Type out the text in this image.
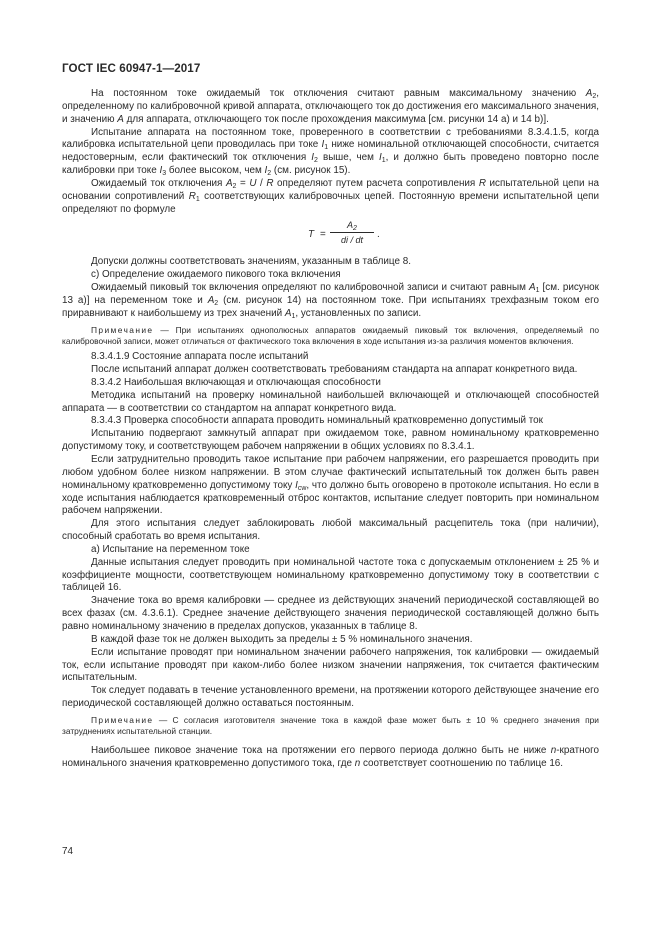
ГОСТ IEC 60947-1—2017

На постоянном токе ожидаемый ток отключения считают равным максимальному значению $A_2$, определенному по калибровочной кривой аппарата, отключающего ток до достижения его максимального значения, и значению A для аппарата, отключающего ток после прохождения максимума [см. рисунки 14 a) и 14 b)].

Испытание аппарата на постоянном токе, проверенного в соответствии с требованиями 8.3.4.1.5, когда калибровка испытательной цепи проводилась при токе $I_1$ ниже номинальной отключающей способности, считается недостоверным, если фактический ток отключения $I_2$ выше, чем $I_1$, и должно быть проведено повторно после калибровки при токе $I_3$ более высоком, чем $I_2$ (см. рисунок 15).

Ожидаемый ток отключения $A_2 = U / R$ определяют путем расчета сопротивления R испытательной цепи на основании сопротивлений $R_1$ соответствующих калибровочных цепей. Постоянную времени испытательной цепи определяют по формуле

T =
$A_2$
di / dt	.

Допуски должны соответствовать значениям, указанным в таблице 8.

с) Определение ожидаемого пикового тока включения

Ожидаемый пиковый ток включения определяют по калибровочной записи и считают равным $A_1$ [см. рисунок 13 a)] на переменном токе и $A_2$ (см. рисунок 14) на постоянном токе. При испытаниях трехфазным током его приравнивают к наибольшему из трех значений $A_1$, установленных по записи.

Примечание — При испытаниях однополюсных аппаратов ожидаемый пиковый ток включения, определяемый по калибровочной записи, может отличаться от фактического тока включения в ходе испытания из-за различия моментов включения.

8.3.4.1.9 Состояние аппарата после испытаний

После испытаний аппарат должен соответствовать требованиям стандарта на аппарат конкретного вида.

8.3.4.2 Наибольшая включающая и отключающая способности

Методика испытаний на проверку номинальной наибольшей включающей и отключающей способностей аппарата — в соответствии со стандартом на аппарат конкретного вида.

8.3.4.3 Проверка способности аппарата проводить номинальный кратковременно допустимый ток

Испытанию подвергают замкнутый аппарат при ожидаемом токе, равном номинальному кратковременно допустимому току, и соответствующем рабочем напряжении в общих условиях по 8.3.4.1.

Если затруднительно проводить такое испытание при рабочем напряжении, его разрешается проводить при любом удобном более низком напряжении. В этом случае фактический испытательный ток должен быть равен номинальному кратковременно допустимому току $I_{cw}$, что должно быть оговорено в протоколе испытания. Но если в ходе испытания наблюдается кратковременный отброс контактов, испытание следует повторить при номинальном рабочем напряжении.

Для этого испытания следует заблокировать любой максимальный расцепитель тока (при наличии), способный сработать во время испытания.

а) Испытание на переменном токе

Данные испытания следует проводить при номинальной частоте тока с допускаемым отклонением ± 25 % и коэффициенте мощности, соответствующем номинальному кратковременно допустимому току в соответствии с таблицей 16.

Значение тока во время калибровки — среднее из действующих значений периодической составляющей во всех фазах (см. 4.3.6.1). Среднее значение действующего значения периодической составляющей должно быть равно номинальному значению в пределах допусков, указанных в таблице 8.

В каждой фазе ток не должен выходить за пределы ± 5 % номинального значения.

Если испытание проводят при номинальном значении рабочего напряжения, ток калибровки — ожидаемый ток, если испытание проводят при каком-либо более низком значении напряжения, ток считается фактическим испытательным.

Ток следует подавать в течение установленного времени, на протяжении которого действующее значение его периодической составляющей должно оставаться постоянным.

Примечание — С согласия изготовителя значение тока в каждой фазе может быть ± 10 % среднего значения при затруднениях испытательной станции.

Наибольшее пиковое значение тока на протяжении его первого периода должно быть не ниже n-кратного номинального значения кратковременно допустимого тока, где n соответствует соотношению по таблице 16.

74
